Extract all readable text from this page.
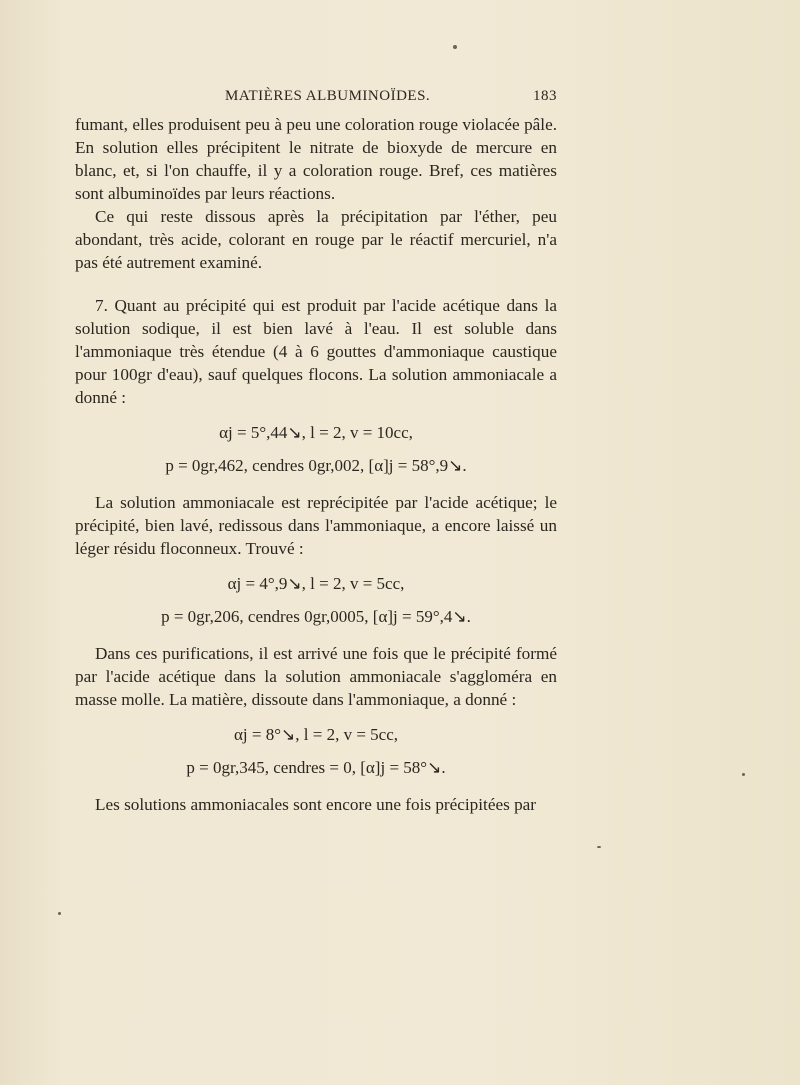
MATIÈRES ALBUMINOÏDES.	183

fumant, elles produisent peu à peu une coloration rouge violacée pâle. En solution elles précipitent le nitrate de bioxyde de mercure en blanc, et, si l'on chauffe, il y a coloration rouge. Bref, ces matières sont albuminoïdes par leurs réactions.

Ce qui reste dissous après la précipitation par l'éther, peu abondant, très acide, colorant en rouge par le réactif mercuriel, n'a pas été autrement examiné.

7. Quant au précipité qui est produit par l'acide acétique dans la solution sodique, il est bien lavé à l'eau. Il est soluble dans l'ammoniaque très étendue (4 à 6 gouttes d'ammoniaque caustique pour 100gr d'eau), sauf quelques flocons. La solution ammoniacale a donné :

αj = 5°,44↘, l = 2, v = 10cc,

p = 0gr,462, cendres 0gr,002, [α]j = 58°,9↘.

La solution ammoniacale est reprécipitée par l'acide acétique; le précipité, bien lavé, redissous dans l'ammoniaque, a encore laissé un léger résidu floconneux. Trouvé :

αj = 4°,9↘, l = 2, v = 5cc,

p = 0gr,206, cendres 0gr,0005, [α]j = 59°,4↘.

Dans ces purifications, il est arrivé une fois que le précipité formé par l'acide acétique dans la solution ammoniacale s'aggloméra en masse molle. La matière, dissoute dans l'ammoniaque, a donné :

αj = 8°↘, l = 2, v = 5cc,

p = 0gr,345, cendres = 0, [α]j = 58°↘.

Les solutions ammoniacales sont encore une fois précipitées par
